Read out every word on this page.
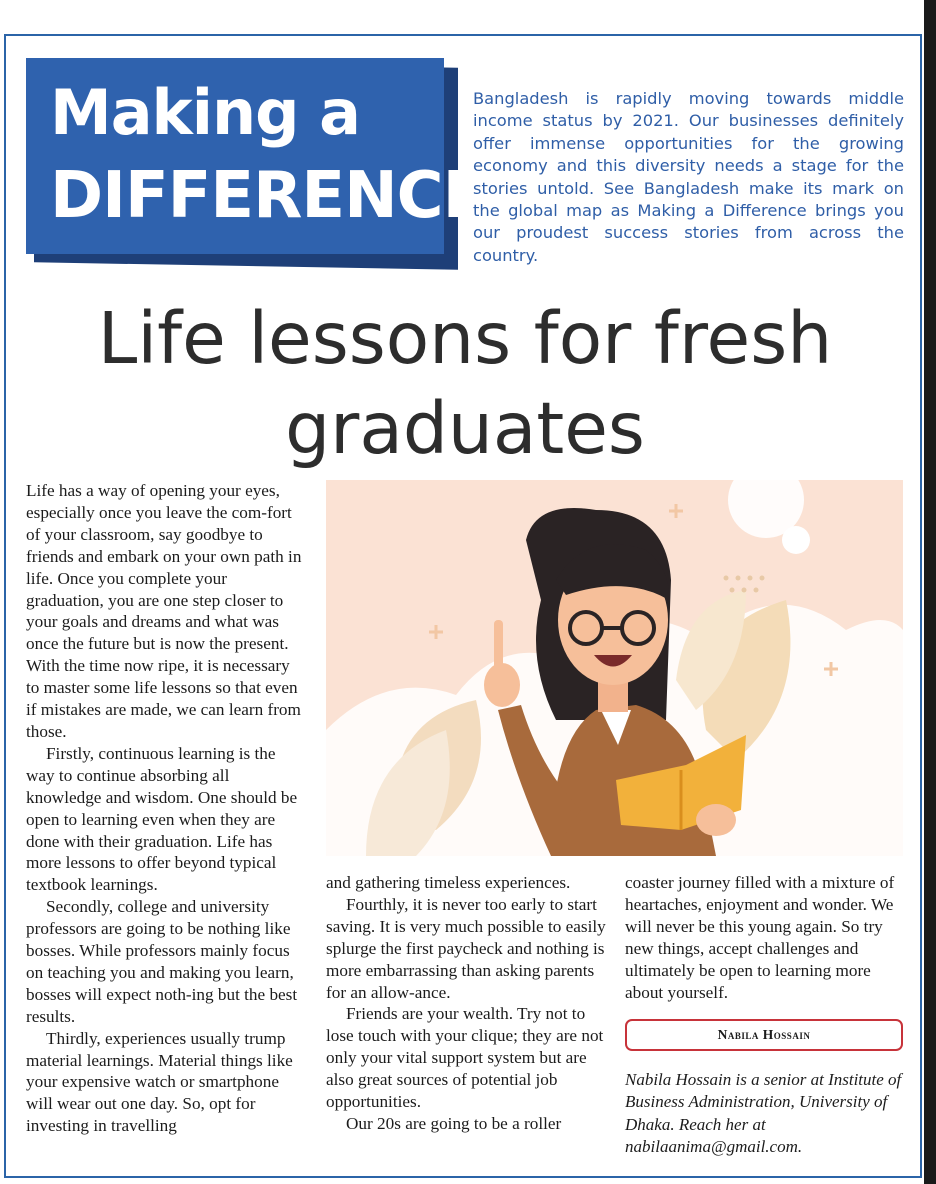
Making a
DIFFERENCE
Bangladesh is rapidly moving towards middle income status by 2021. Our businesses definitely offer immense opportunities for the growing economy and this diversity needs a stage for the stories untold. See Bangladesh make its mark on the global map as Making a Difference brings you our proudest success stories from across the country.
Life lessons for fresh
graduates

Life has a way of opening your eyes, especially once you leave the com-fort of your classroom, say goodbye to friends and embark on your own path in life. Once you complete your graduation, you are one step closer to your goals and dreams and what was once the future but is now the present. With the time now ripe, it is necessary to master some life lessons so that even if mistakes are made, we can learn from those.

Firstly, continuous learning is the way to continue absorbing all knowledge and wisdom. One should be open to learning even when they are done with their graduation. Life has more lessons to offer beyond typical textbook learnings.

Secondly, college and university professors are going to be nothing like bosses. While professors mainly focus on teaching you and making you learn, bosses will expect noth-ing but the best results.

Thirdly, experiences usually trump material learnings. Material things like your expensive watch or smartphone will wear out one day. So, opt for investing in travelling

and gathering timeless experiences.

Fourthly, it is never too early to start saving. It is very much possible to easily splurge the first paycheck and nothing is more embarrassing than asking parents for an allow-ance.

Friends are your wealth. Try not to lose touch with your clique; they are not only your vital support system but are also great sources of potential job opportunities.

Our 20s are going to be a roller

coaster journey filled with a mixture of heartaches, enjoyment and wonder. We will never be this young again. So try new things, accept challenges and ultimately be open to learning more about yourself.

Nabila Hossain
Nabila Hossain is a senior at Institute of Business Administration, University of Dhaka. Reach her at nabilaanima@gmail.com.
